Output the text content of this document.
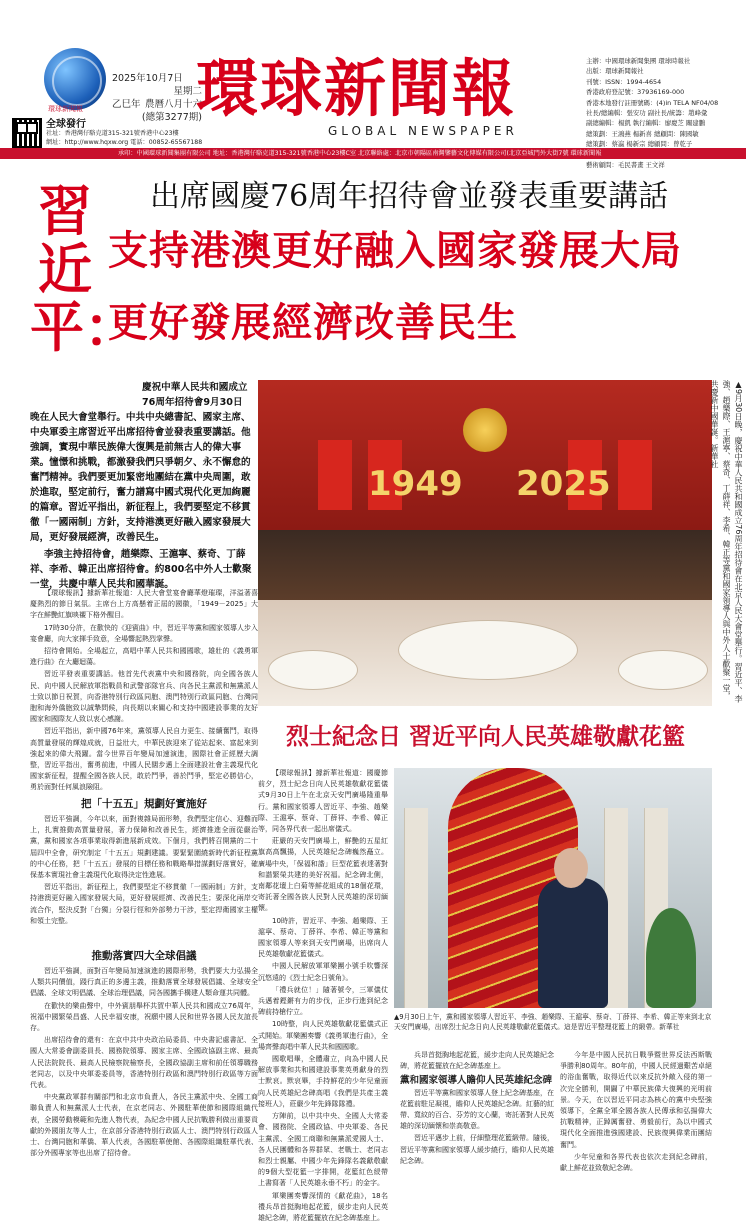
環球新聞報
2025年10月7日
星期二
乙巳年 農曆八月十六
(總第3277期)
全球發行
社址：香港灣仔駱克道315-321號香港中心23樓
網址：http://www.hqxw.org 電話：00852-65567188
環球新聞報
GLOBAL NEWSPAPER
主辦：中國環球新聞集團 環球時報社
出版：環球新聞報社
刊號：ISSN：1994-4654
香港政府登記號：37936169-000
香港本地發行註冊號碼：(4)in TELA NF04/08
社長/總編輯：張安功 副社長/統籌：趙峰彙
副總編輯：楊凱 執行編輯：廖慶芝 關建鵬
總策劃：王鴻燕 楊新喜 總顧問：陳國敏
總策劃：蔡瀛 楊新宗 總顧問：曾乾子
藝術顧問：毛民書畫 王文祥
承印：中國環球新聞集團有限公司 地址：香港灣仔駱克道315-321號香港中心23樓C室 北京聯絡處：北京市朝陽區南灣鑒藝文化傳媒有限公司(北京亞城門外大街7號 環球新聞報
習近平：
出席國慶76周年招待會並發表重要講話
支持港澳更好融入國家發展大局
更好發展經濟改善民生

慶祝中華人民共和國成立76周年招待會9月30日
晚在人民大會堂舉行。中共中央總書記、國家主席、中央軍委主席習近平出席招待會並發表重要講話。他強調，實現中華民族偉大復興是前無古人的偉大事業。憧憬和挑戰，都激發我們只爭朝夕、永不懈怠的奮鬥精神。我們要更加緊密地團結在黨中央周圍，敢於進取，堅定前行，奮力譜寫中國式現代化更加絢麗的篇章。習近平指出，新征程上，我們要堅定不移貫徹「一國兩制」方針，支持港澳更好融入國家發展大局，更好發展經濟，改善民生。

李強主持招待會，趙樂際、王滬寧、蔡奇、丁薛祥、李希、韓正出席招待會。約800名中外人士歡聚一堂，共慶中華人民共和國華誕。

【環球報訊】據新華社報道：人民大會堂宴會廳華燈璀璨，洋溢著喜慶熱烈的節日氣氛。主席台上方高懸着正屆的國徽，「1949－2025」大字在鮮艷紅旗映襯下格外醒目。

17時30分許，在歡快的《迎賓曲》中，習近平等黨和國家領導人步入宴會廳，向大家揮手致意，全場響起熱烈掌聲。

招待會開始。全場起立，高唱中華人民共和國國歌，雄壯的《義勇軍進行曲》在大廳迴蕩。

習近平發表重要講話。他首先代表黨中央和國務院，向全國各族人民、向中國人民解放軍指戰員和武警部隊官兵、向各民主黨派和無黨派人士致以節日祝賀，向香港特別行政區同胞、澳門特別行政區同胞、台灣同胞和海外僑胞致以誠摯問候，向長期以來關心和支持中國建設事業的友好國家和國際友人致以衷心感謝。

習近平指出，新中國76年來，黨領導人民自力更生、接續奮鬥，取得高質量發展的輝煌成就，日益壯大，中華民族迎來了從站起來、富起來到強起來的偉大飛躍。當今世界百年變局加速演進，國際社會正經歷大調整，習近平指出，奮勇前進，中國人民闊步邁上全面建設社會主義現代化國家新征程，提醒全國各族人民，敢於鬥爭，善於鬥爭，堅定必勝信心，勇於面對任何風浪險阻。

把「十五五」規劃好實施好

習近平強調，今年以來，面對複雜局面形勢，我們堅定信心、迎難而上，扎實推動高質量發展，著力保障和改善民生，經濟推進全面從嚴治黨，黨和國家各項事業取得新進展新成效。下個月，我們將召開黨的二十屆四中全會，研究制定「十五五」規劃建議。要緊緊圍繞新時代新征程黨的中心任務，把「十五五」發展的目標任務和戰略舉措謀劃好落實好，確保基本實現社會主義現代化取得決定性進展。

習近平指出，新征程上，我們要堅定不移貫徹「一國兩制」方針，支持港澳更好融入國家發展大局，更好發展經濟、改善民生；要深化兩岸交流合作，堅決反對「台獨」分裂行徑和外部勢力干涉，堅定捍衛國家主權和領土完整。

推動落實四大全球倡議

習近平強調，面對百年變局加速演進的國際形勢，我們要大力弘揚全人類共同價值，踐行真正的多邊主義，推動落實全球發展倡議、全球安全倡議、全球文明倡議、全球治理倡議，同各國攜手構建人類命運共同體。

在歡快的樂曲聲中，中外賓朋舉杯共賀中華人民共和國成立76周年，祝福中國繁榮昌盛、人民幸福安康，祝願中國人民和世界各國人民友誼長存。

出席招待會的還有：在京中共中央政治局委員、中央書記處書記、全國人大常委會副委員長、國務院領導、國家主席、全國政協副主席、最高人民法院院長、最高人民檢察院檢察長，全國政協副主席和前任領導職務老同志，以及中央軍委委員等，香港特別行政區和澳門特別行政區等方面代表。

中央黨政軍群有關部門和北京市負責人，各民主黨派中央、全國工商聯負責人和無黨派人士代表，在京老同志、外國駐華使節和國際組織代表，全國勞動模範和先進人物代表，為紀念中國人民抗戰勝利做出重要貢獻的外國朋友等人士，在京部分香港特別行政區人士、澳門特別行政區人士、台灣同胞和華僑、華人代表，各國駐華使館、各國際組織駐華代表、部分外國專家等也出席了招待會。

1949 2025	▲9月30日晚，慶祝中華人民共和國成立76周年招待會在北京人民大會堂舉行。習近平、李強、趙樂際、王滬寧、蔡奇、丁薛祥、李希、韓正等黨和國家領導人與中外人士歡聚一堂，共慶新中國華誕。新華社
烈士紀念日 習近平向人民英雄敬獻花籃

【環球報訊】據新華社報道：國慶節前夕，烈士紀念日向人民英雄敬獻花籃儀式9月30日上午在北京天安門廣場隆重舉行。黨和國家領導人習近平、李強、趙樂際、王滬寧、蔡奇、丁薛祥、李希、韓正等，同各界代表一起出席儀式。

莊嚴的天安門廣場上，鮮艷的五星紅旗高高飄揚，人民英雄紀念碑巍然矗立。廣場中央，「保福和諧」巨型花籃表達著對和諧繁榮共建的美好祝福。紀念碑北側，南鄰花壇上白菊等鮮花組成的18個花環，寄託著全國各族人民對人民英雄的深切緬懷。

10時許，習近平、李強、趙樂際、王滬寧、蔡奇、丁薛祥、李希、韓正等黨和國家領導人等來到天安門廣場，出席向人民英雄敬獻花籃儀式。

中國人民解放軍軍樂團小號手吹響深沉悠遠的《烈士紀念日號角》。

「禮兵就位！」隨著號令，三軍儀仗兵邁着鏗鏘有力的步伐，正步行進到紀念碑前持槍佇立。

10時整，向人民英雄敬獻花籃儀式正式開始。軍樂團奏響《義勇軍進行曲》，全場齊聲高唱中華人民共和國國歌。

國歌唱畢，全體肅立，向為中國人民解放事業和共和國建設事業英勇獻身的烈士默哀。默哀畢，手持鮮花的少年兒童面向人民英雄紀念碑高唱《我們是共產主義接班人》，莊嚴少年先鋒隊隊禮。

方陣前，以中共中央、全國人大常委會、國務院、全國政協、中央軍委、各民主黨派、全國工商聯和無黨派愛國人士、各人民團體和各界群眾、老戰士、老同志和烈士親屬、中國少年先鋒隊名義獻敬獻的9個大型花籃一字排開，花籃紅色綬帶上書寫著「人民英雄永垂不朽」的金字。

軍樂團奏響深情的《獻花曲》，18名禮兵昂首挺胸地起花籃，緩步走向人民英雄紀念碑，將花籃擺放在紀念碑基座上。

▲9月30日上午，黨和國家領導人習近平、李強、趙樂際、王滬寧、蔡奇、丁薛祥、李希、韓正等來到北京天安門廣場，出席烈士紀念日向人民英雄敬獻花籃儀式。這是習近平整理花籃上的緞帶。新華社

兵昂首挺胸地起花籃，緩步走向人民英雄紀念碑，將花籃擺放在紀念碑基座上。

黨和國家領導人瞻仰人民英雄紀念碑

習近平等黨和國家領導人登上紀念碑基座，在花籃前駐足凝視，瞻仰人民英雄紀念碑。紅藝的紅帶、寬紋的百合、芬芳的文心蘭，寄託著對人民英雄的深切緬懷和崇高敬意。

習近平邁步上前，仔細整理花籃緞帶。隨後，習近平等黨和國家領導人緩步繞行，瞻仰人民英雄紀念碑。

今年是中國人民抗日戰爭暨世界反法西斯戰爭勝利80周年。80年前，中國人民經過艱苦卓絕的浴血奮戰，取得近代以來反抗外敵入侵的第一次完全勝利，開闢了中華民族偉大復興的光明前景。今天，在以習近平同志為核心的黨中央堅強領導下，全黨全軍全國各族人民傳承和弘揚偉大抗戰精神，正踔厲奮發、勇毅前行，為以中國式現代化全面推進強國建設、民族復興偉業而團結奮鬥。

少年兒童和各界代表也依次走到紀念碑前，獻上鮮花並致敬紀念碑。
